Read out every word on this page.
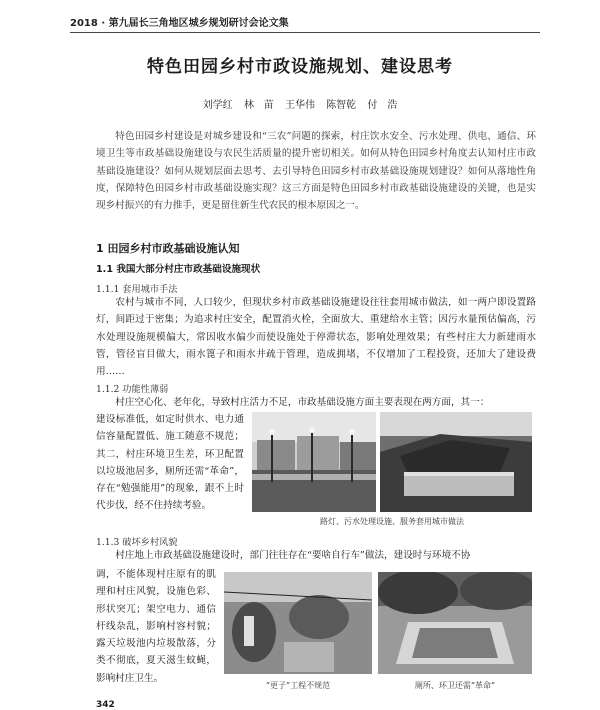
2018 · 第九届长三角地区城乡规划研讨会论文集
特色田园乡村市政设施规划、建设思考
刘学红 林　苗 王华伟 陈智乾 付　浩
特色田园乡村建设是对城乡建设和“三农”问题的探索，村庄饮水安全、污水处理、供电、通信、环境卫生等市政基础设施建设与农民生活质量的提升密切相关。如何从特色田园乡村角度去认知村庄市政基础设施建设？如何从规划层面去思考、去引导特色田园乡村市政基础设施规划建设？如何从落地性角度，保障特色田园乡村市政基础设施实现？这三方面是特色田园乡村市政基础设施建设的关键，也是实现乡村振兴的有力推手，更是留住新生代农民的根本原因之一。
1 田园乡村市政基础设施认知
1.1 我国大部分村庄市政基础设施现状
1.1.1 套用城市手法
农村与城市不同，人口较少，但现状乡村市政基础设施建设往往套用城市做法，如一两户即设置路灯，间距过于密集；为追求村庄安全，配置消火栓，全面放大、重建给水主管；因污水量预估偏高，污水处理设施规模偏大，常因收水偏少而使设施处于停滞状态，影响处理效果；有些村庄大力新建雨水管，管径盲目做大，雨水篦子和雨水井疏于管理，造成拥堵，不仅增加了工程投资，还加大了建设费用……
1.1.2 功能性薄弱
村庄空心化、老年化，导致村庄活力不足，市政基础设施方面主要表现在两方面，其一：
建设标准低，如定时供水、电力通信容量配置低、施工随意不规范；其二，村庄环境卫生差，环卫配置以垃圾池居多，厕所还需“革命”，存在“勉强能用”的现象，跟不上时代步伐，经不住持续考验。
路灯、污水处理设施、服务套用城市做法
1.1.3 破坏乡村风貌
村庄地上市政基础设施建设时，部门往往存在“要啥自行车”做法，建设时与环境不协
调，不能体现村庄原有的肌理和村庄风貌，设施色彩、形状突兀；架空电力、通信杆线杂乱，影响村容村貌；露天垃圾池内垃圾散落，分类不彻底，夏天滋生蚊蝇，影响村庄卫生。
“更子”工程不规范	厕所、环卫还需“革命”
342
